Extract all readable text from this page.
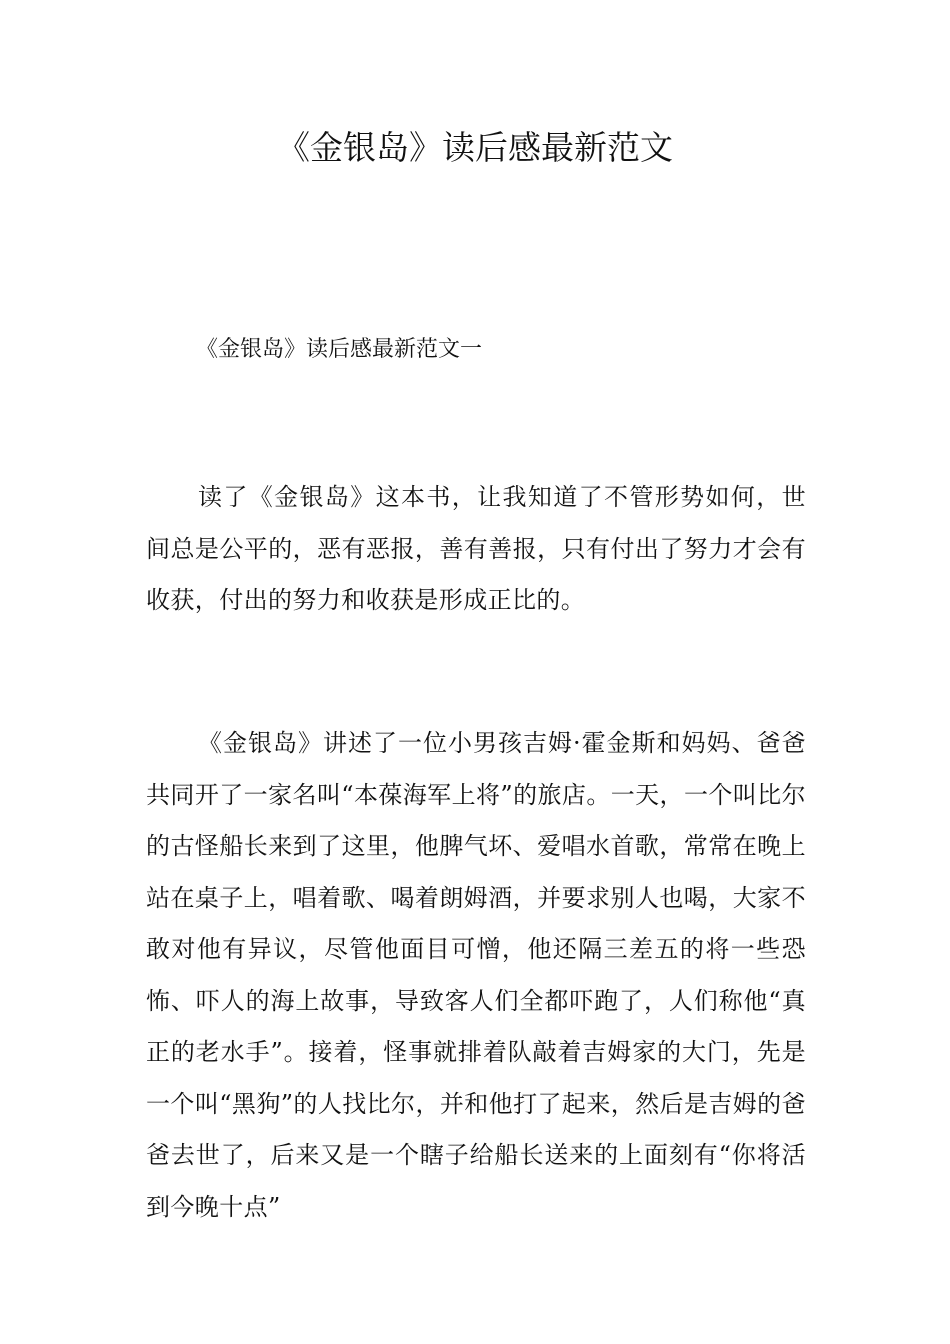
《金银岛》读后感最新范文

《金银岛》读后感最新范文一

读了《金银岛》这本书，让我知道了不管形势如何，世间总是公平的，恶有恶报，善有善报，只有付出了努力才会有收获，付出的努力和收获是形成正比的。

《金银岛》讲述了一位小男孩吉姆·霍金斯和妈妈、爸爸共同开了一家名叫“本葆海军上将”的旅店。一天，一个叫比尔的古怪船长来到了这里，他脾气坏、爱唱水首歌，常常在晚上站在桌子上，唱着歌、喝着朗姆酒，并要求别人也喝，大家不敢对他有异议，尽管他面目可憎，他还隔三差五的将一些恐怖、吓人的海上故事，导致客人们全都吓跑了，人们称他“真正的老水手”。接着，怪事就排着队敲着吉姆家的大门，先是一个叫“黑狗”的人找比尔，并和他打了起来，然后是吉姆的爸爸去世了，后来又是一个瞎子给船长送来的上面刻有“你将活到今晚十点”
